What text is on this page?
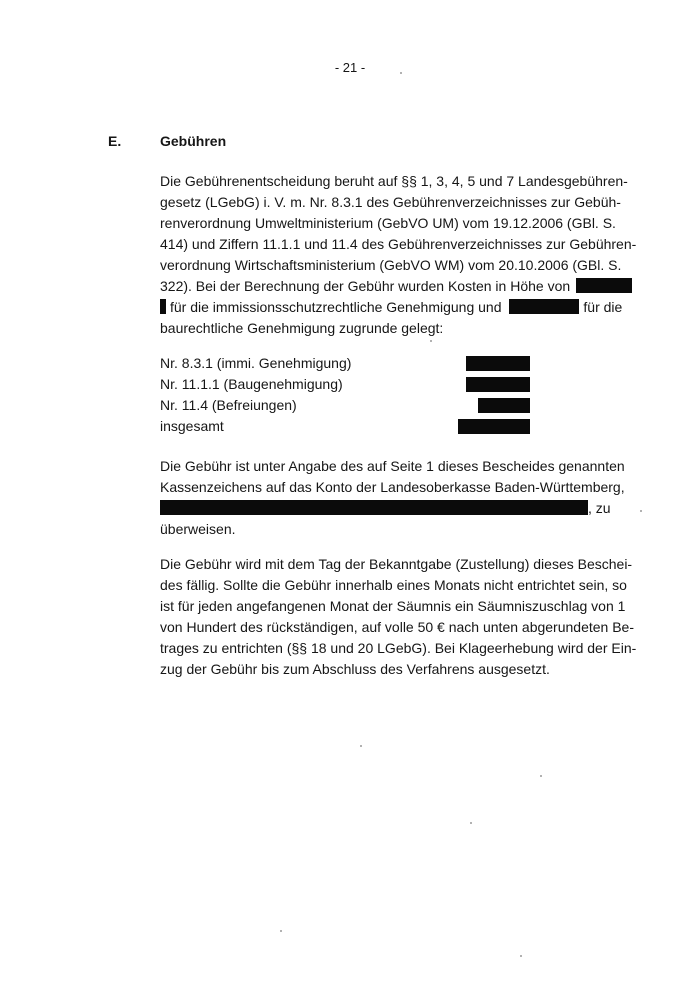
- 21 -
E.	Gebühren
Die Gebührenentscheidung beruht auf §§ 1, 3, 4, 5 und 7 Landesgebühren-
gesetz (LGebG) i. V. m. Nr. 8.3.1 des Gebührenverzeichnisses zur Gebüh-
renverordnung Umweltministerium (GebVO UM) vom 19.12.2006 (GBl. S.
414) und Ziffern 11.1.1 und 11.4 des Gebührenverzeichnisses zur Gebühren-
verordnung Wirtschaftsministerium (GebVO WM) vom 20.10.2006 (GBl. S.
322). Bei der Berechnung der Gebühr wurden Kosten in Höhe von
für die immissionsschutzrechtliche Genehmigung und	für die
baurechtliche Genehmigung zugrunde gelegt:
Nr. 8.3.1 (immi. Genehmigung)
Nr. 11.1.1 (Baugenehmigung)
Nr. 11.4 (Befreiungen)
insgesamt
Die Gebühr ist unter Angabe des auf Seite 1 dieses Bescheides genannten
Kassenzeichens auf das Konto der Landesoberkasse Baden-Württemberg,
, zu
überweisen.
Die Gebühr wird mit dem Tag der Bekanntgabe (Zustellung) dieses Beschei-
des fällig. Sollte die Gebühr innerhalb eines Monats nicht entrichtet sein, so
ist für jeden angefangenen Monat der Säumnis ein Säumniszuschlag von 1
von Hundert des rückständigen, auf volle 50 € nach unten abgerundeten Be-
trages zu entrichten (§§ 18 und 20 LGebG). Bei Klageerhebung wird der Ein-
zug der Gebühr bis zum Abschluss des Verfahrens ausgesetzt.
